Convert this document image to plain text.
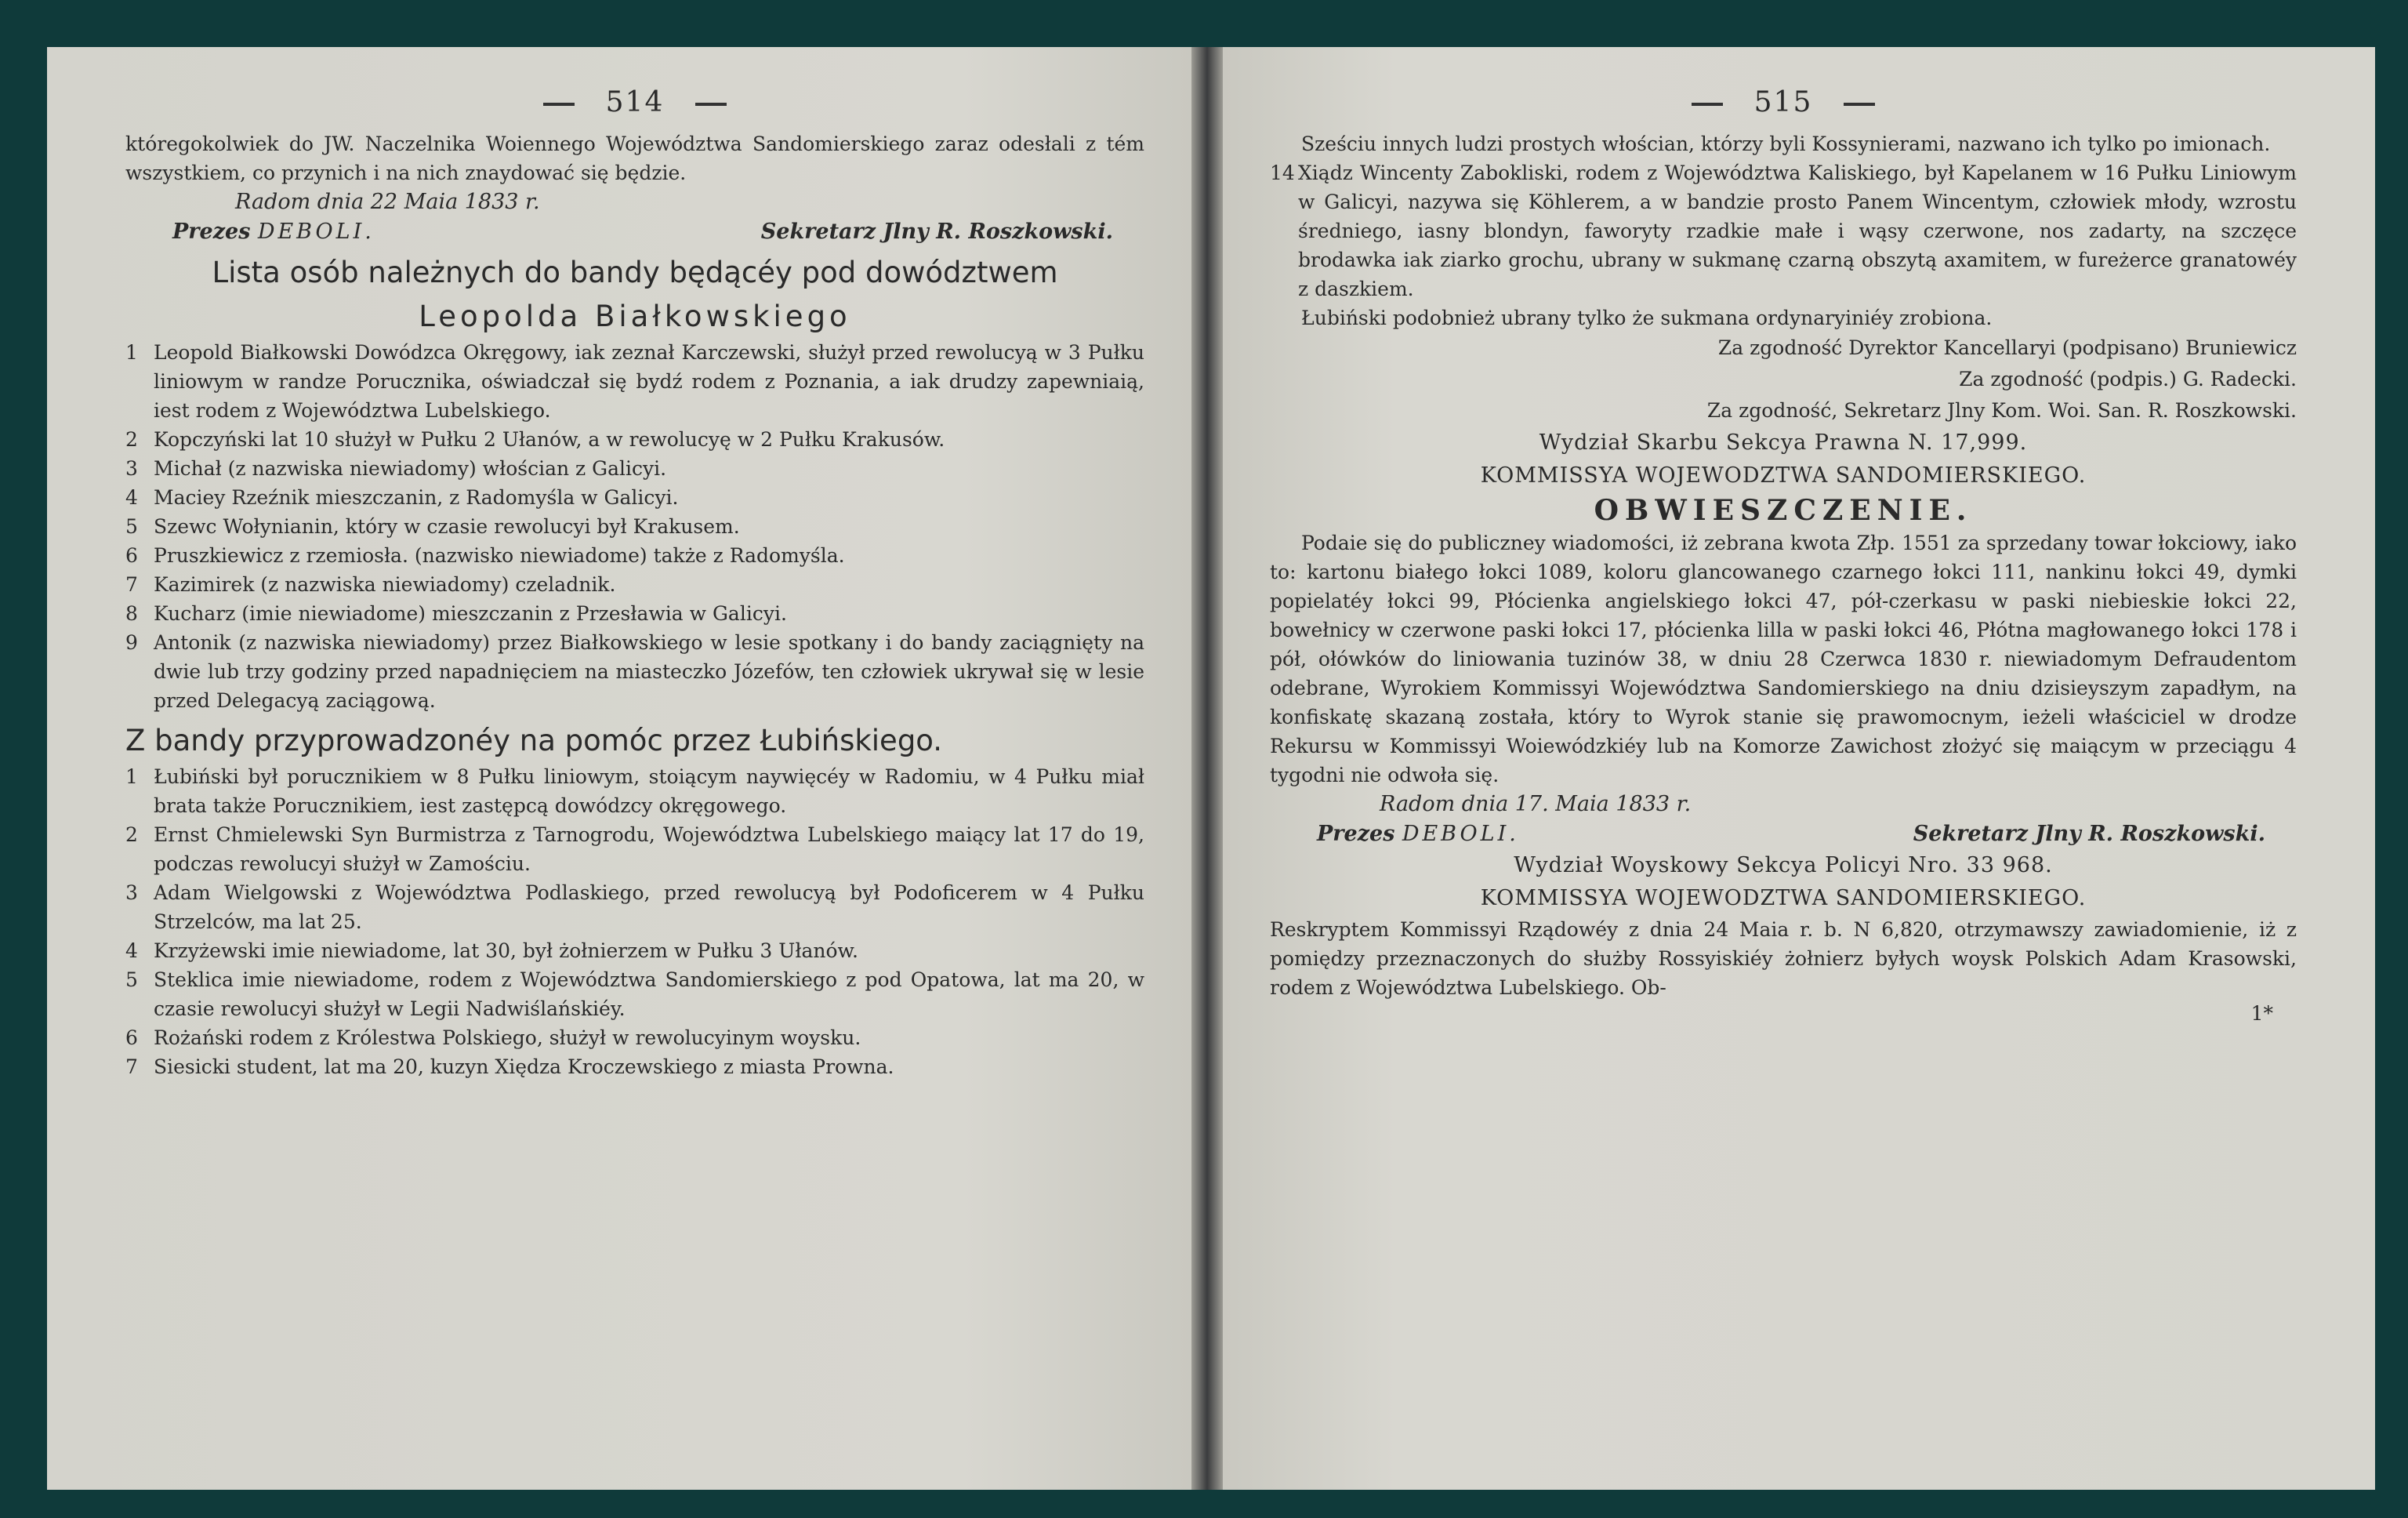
514

któregokolwiek do JW. Naczelnika Woiennego Województwa Sandomierskiego zaraz odesłali z tém wszystkiem, co przynich i na nich znaydować się będzie.

Radom dnia 22 Maia 1833 r.

Prezes DEBOLI.	Sekretarz Jlny R. Roszkowski.
Lista osób należnych do bandy będącéy pod dowództwem
Leopolda Białkowskiego
1 Leopold Białkowski Dowódzca Okręgowy, iak zeznał Karczewski, służył przed rewolucyą w 3 Pułku liniowym w randze Porucznika, oświadczał się bydź rodem z Poznania, a iak drudzy zapewniaią, iest rodem z Województwa Lubelskiego.
2 Kopczyński lat 10 służył w Pułku 2 Ułanów, a w rewolucyę w 2 Pułku Krakusów.
3 Michał (z nazwiska niewiadomy) włościan z Galicyi.
4 Maciey Rzeźnik mieszczanin, z Radomyśla w Galicyi.
5 Szewc Wołynianin, który w czasie rewolucyi był Krakusem.
6 Pruszkiewicz z rzemiosła. (nazwisko niewiadome) także z Radomyśla.
7 Kazimirek (z nazwiska niewiadomy) czeladnik.
8 Kucharz (imie niewiadome) mieszczanin z Przesławia w Galicyi.
9 Antonik (z nazwiska niewiadomy) przez Białkowskiego w lesie spotkany i do bandy zaciągnięty na dwie lub trzy godziny przed napadnięciem na miasteczko Józefów, ten człowiek ukrywał się w lesie przed Delegacyą zaciągową.
Z bandy przyprowadzonéy na pomóc przez Łubińskiego.
1 Łubiński był porucznikiem w 8 Pułku liniowym, stoiącym naywięcéy w Radomiu, w 4 Pułku miał brata także Porucznikiem, iest zastępcą dowódzcy okręgowego.
2 Ernst Chmielewski Syn Burmistrza z Tarnogrodu, Województwa Lubelskiego maiący lat 17 do 19, podczas rewolucyi służył w Zamościu.
3 Adam Wielgowski z Województwa Podlaskiego, przed rewolucyą był Podoficerem w 4 Pułku Strzelców, ma lat 25.
4 Krzyżewski imie niewiadome, lat 30, był żołnierzem w Pułku 3 Ułanów.
5 Steklica imie niewiadome, rodem z Województwa Sandomierskiego z pod Opatowa, lat ma 20, w czasie rewolucyi służył w Legii Nadwiślańskiéy.
6 Rożański rodem z Królestwa Polskiego, służył w rewolucyinym woysku.
7 Siesicki student, lat ma 20, kuzyn Xiędza Kroczewskiego z miasta Prowna.
515

Sześciu innych ludzi prostych włościan, którzy byli Kossynierami, nazwano ich tylko po imionach.

14 Xiądz Wincenty Zabokliski, rodem z Województwa Kaliskiego, był Kapelanem w 16 Pułku Liniowym w Galicyi, nazywa się Köhlerem, a w bandzie prosto Panem Wincentym, człowiek młody, wzrostu średniego, iasny blondyn, faworyty rzadkie małe i wąsy czerwone, nos zadarty, na szczęce brodawka iak ziarko grochu, ubrany w sukmanę czarną obszytą axamitem, w fureżerce granatowéy z daszkiem.

Łubiński podobnież ubrany tylko że sukmana ordynaryiniéy zrobiona.

Za zgodność Dyrektor Kancellaryi (podpisano) Bruniewicz

Za zgodność (podpis.) G. Radecki.

Za zgodność, Sekretarz Jlny Kom. Woi. San. R. Roszkowski.

Wydział Skarbu Sekcya Prawna N. 17,999.

KOMMISSYA WOJEWODZTWA SANDOMIERSKIEGO.

OBWIESZCZENIE.

Podaie się do publiczney wiadomości, iż zebrana kwota Złp. 1551 za sprzedany towar łokciowy, iako to: kartonu białego łokci 1089, koloru glancowanego czarnego łokci 111, nankinu łokci 49, dymki popielatéy łokci 99, Płócienka angielskiego łokci 47, pół-czerkasu w paski niebieskie łokci 22, bowełnicy w czerwone paski łokci 17, płócienka lilla w paski łokci 46, Płótna magłowanego łokci 178 i pół, ołówków do liniowania tuzinów 38, w dniu 28 Czerwca 1830 r. niewiadomym Defraudentom odebrane, Wyrokiem Kommissyi Województwa Sandomierskiego na dniu dzisieyszym zapadłym, na konfiskatę skazaną została, który to Wyrok stanie się prawomocnym, ieżeli właściciel w drodze Rekursu w Kommissyi Woiewódzkiéy lub na Komorze Zawichost złożyć się maiącym w przeciągu 4 tygodni nie odwoła się.

Radom dnia 17. Maia 1833 r.

Prezes DEBOLI.	Sekretarz Jlny R. Roszkowski.

Wydział Woyskowy Sekcya Policyi Nro. 33 968.

KOMMISSYA WOJEWODZTWA SANDOMIERSKIEGO.

Reskryptem Kommissyi Rządowéy z dnia 24 Maia r. b. N 6,820, otrzymawszy zawiadomienie, iż z pomiędzy przeznaczonych do służby Rossyiskiéy żołnierz byłych woysk Polskich Adam Krasowski, rodem z Województwa Lubelskiego. Ob-

1*
